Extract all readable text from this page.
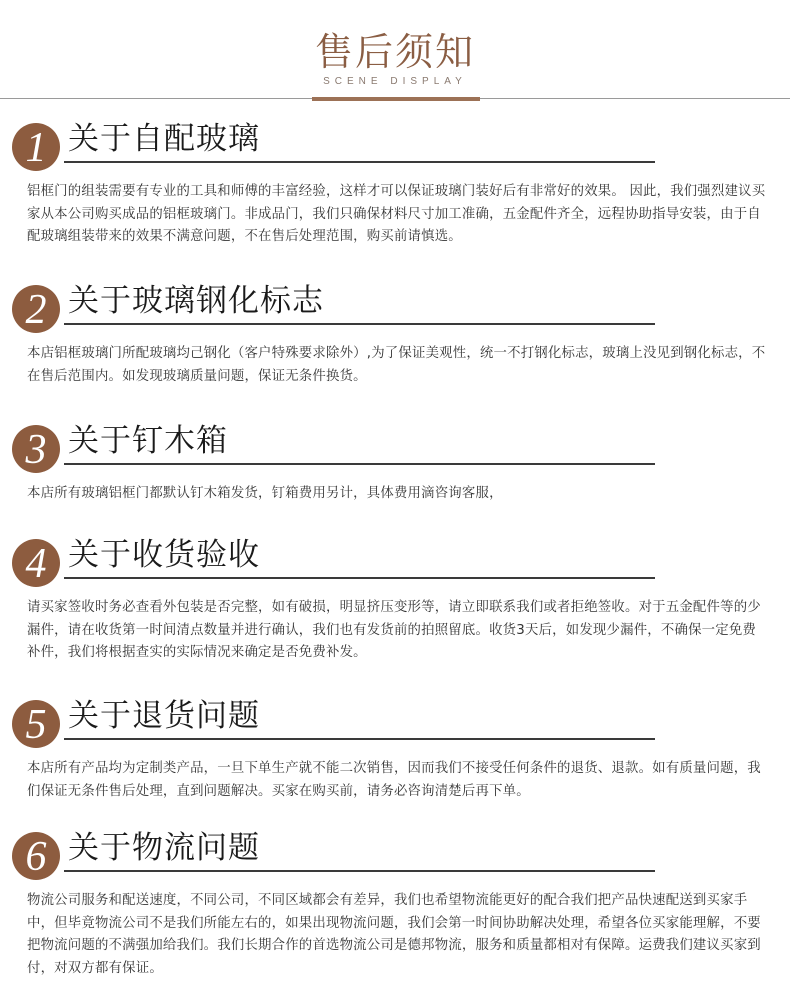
售后须知
SCENE DISPLAY
1 关于自配玻璃
铝框门的组装需要有专业的工具和师傅的丰富经验，这样才可以保证玻璃门装好后有非常好的效果。 因此，我们强烈建议买家从本公司购买成品的铝框玻璃门。非成品门，我们只确保材料尺寸加工准确，五金配件齐全，远程协助指导安装，由于自配玻璃组装带来的效果不满意问题，不在售后处理范围，购买前请慎选。
2 关于玻璃钢化标志
本店铝框玻璃门所配玻璃均己钢化（客户特殊要求除外）,为了保证美观性，统一不打钢化标志，玻璃上没见到钢化标志，不在售后范围内。如发现玻璃质量问题，保证无条件换货。
3 关于钉木箱
本店所有玻璃铝框门都默认钉木箱发货，钉箱费用另计，具体费用滴咨询客服，
4 关于收货验收
请买家签收时务必查看外包装是否完整，如有破损，明显挤压变形等，请立即联系我们或者拒绝签收。对于五金配件等的少漏件，请在收货第一时间清点数量并进行确认，我们也有发货前的拍照留底。收货3天后，如发现少漏件，不确保一定免费补件，我们将根据查实的实际情况来确定是否免费补发。
5 关于退货问题
本店所有产品均为定制类产品，一旦下单生产就不能二次销售，因而我们不接受任何条件的退货、退款。如有质量问题，我们保证无条件售后处理，直到问题解决。买家在购买前，请务必咨询清楚后再下单。
6 关于物流问题
物流公司服务和配送速度，不同公司，不同区域都会有差异，我们也希望物流能更好的配合我们把产品快速配送到买家手中，但毕竟物流公司不是我们所能左右的，如果出现物流问题，我们会第一时间协助解决处理，希望各位买家能理解，不要把物流问题的不满强加给我们。我们长期合作的首选物流公司是德邦物流，服务和质量都相对有保障。运费我们建议买家到付，对双方都有保证。
